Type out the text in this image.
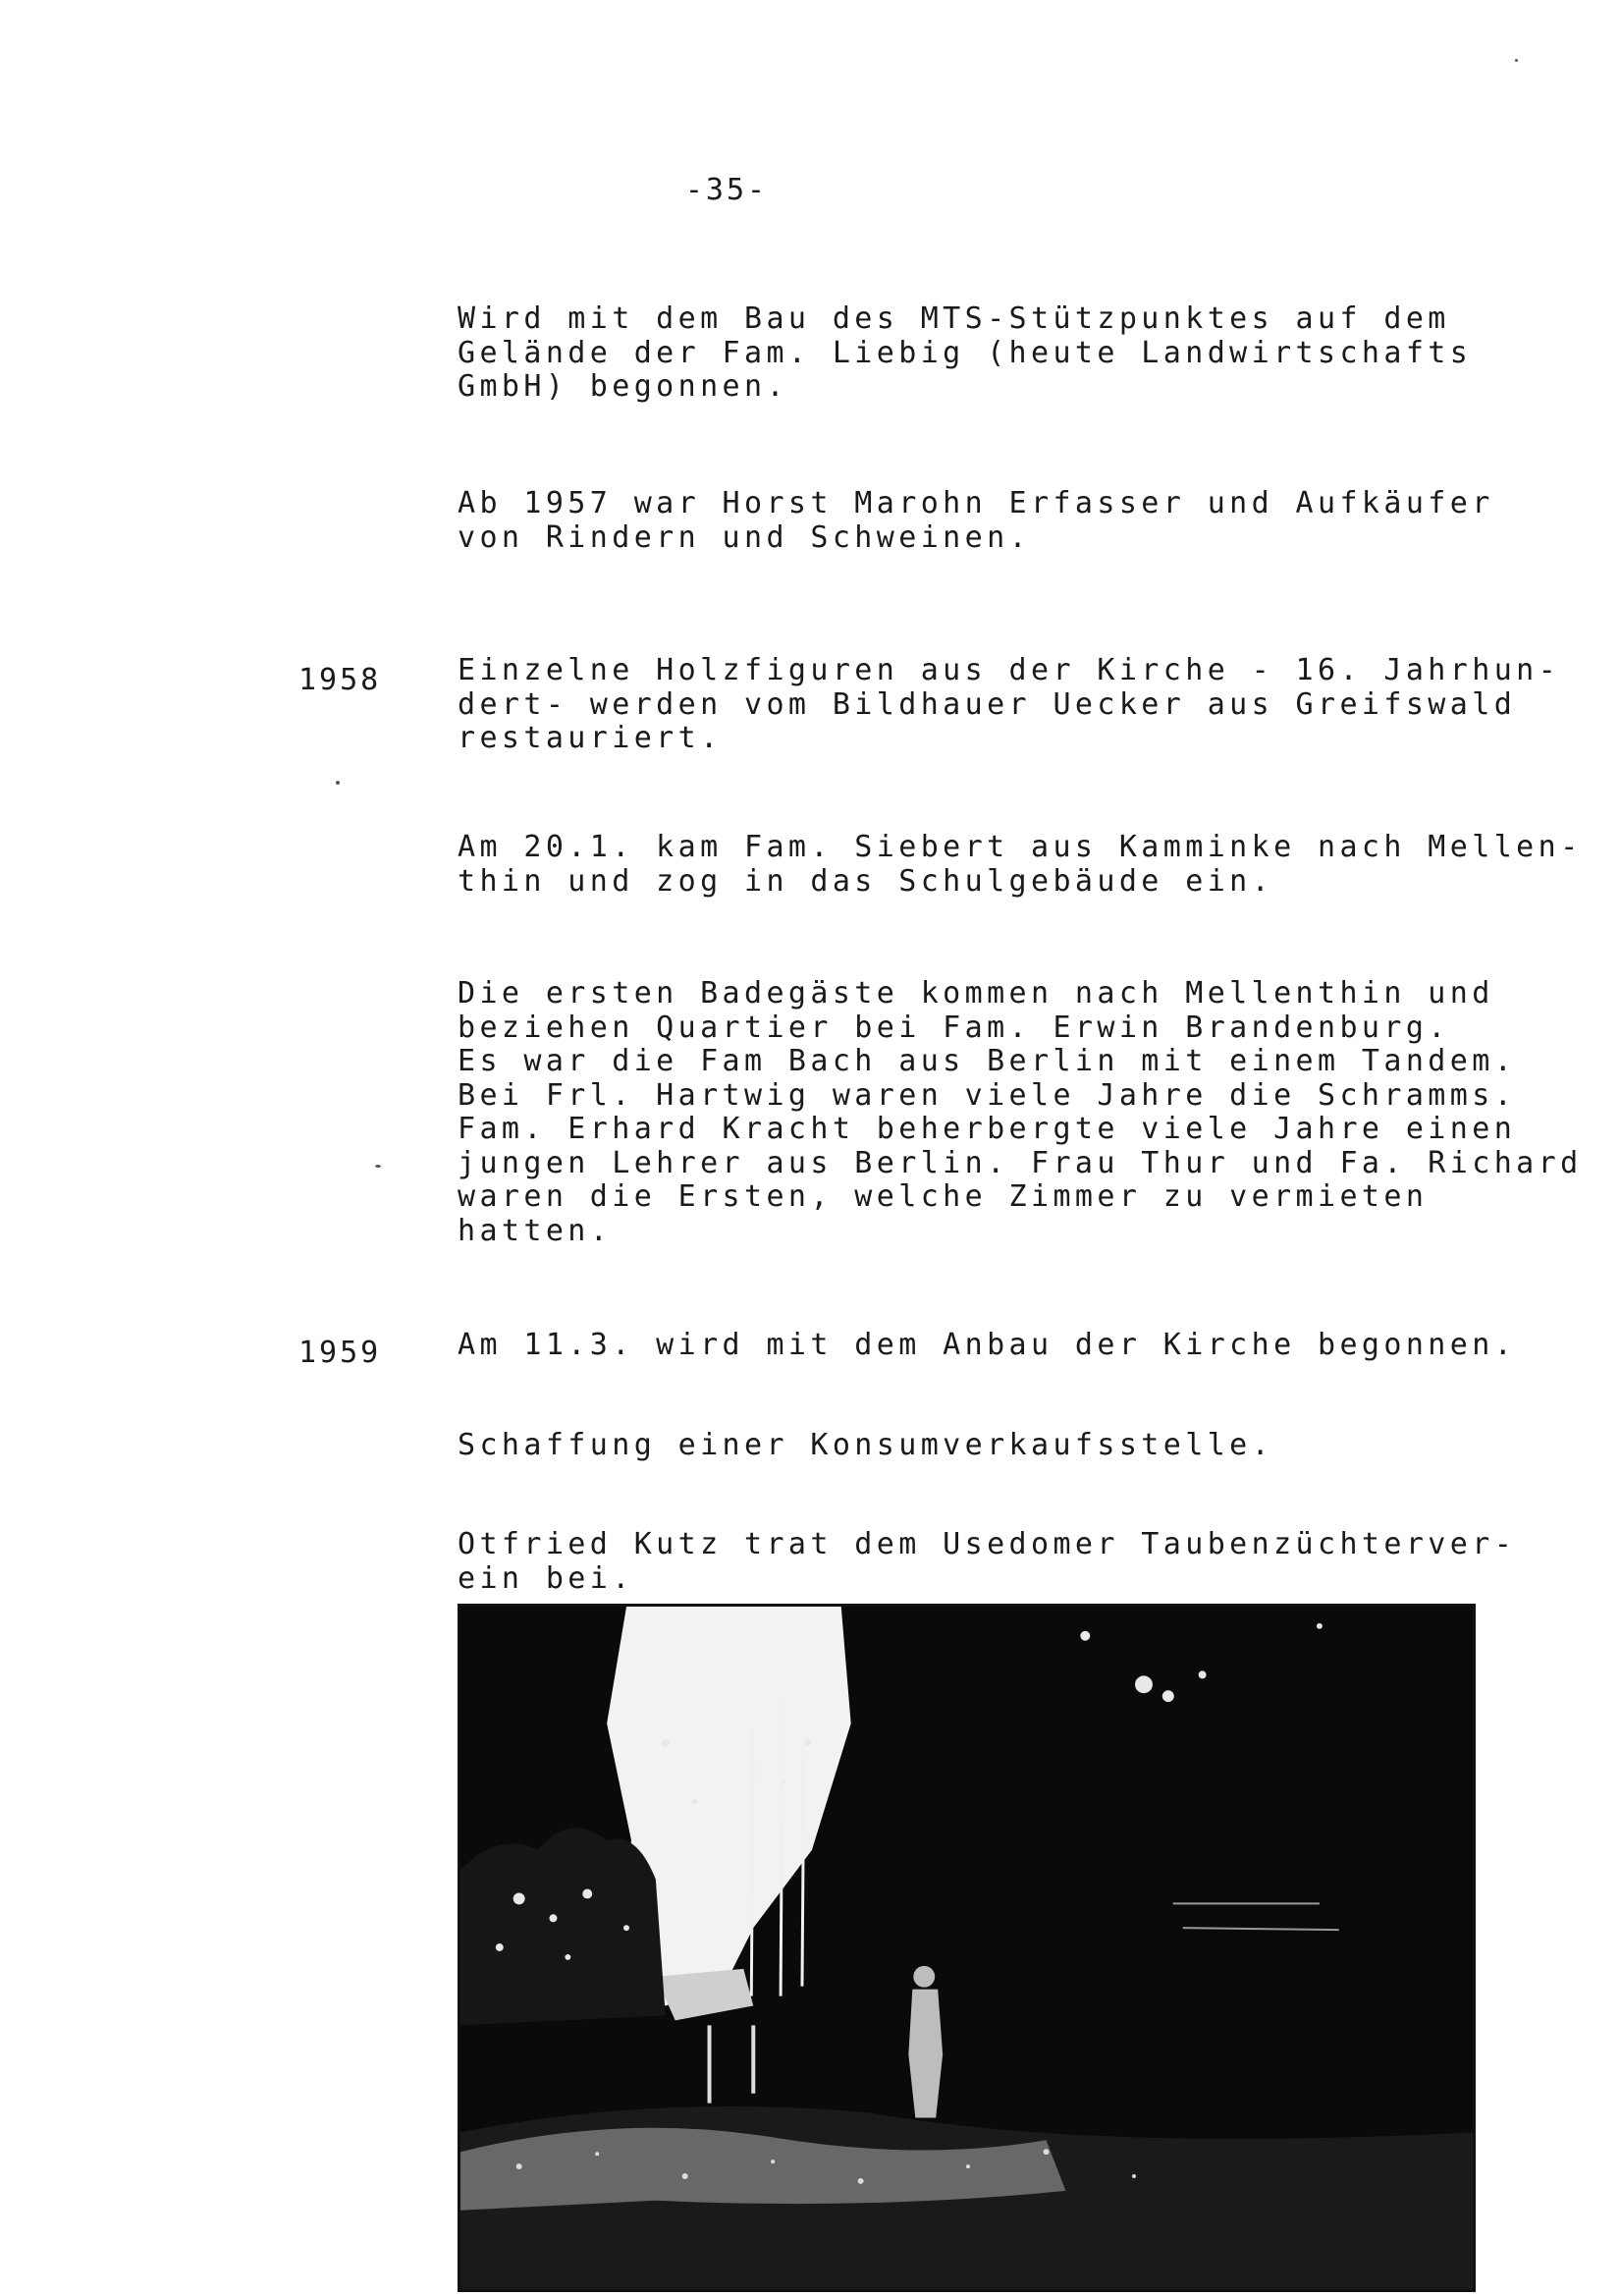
-35-
Wird mit dem Bau des MTS-Stützpunktes auf dem
Gelände der Fam. Liebig (heute Landwirtschafts
GmbH) begonnen.
Ab 1957 war Horst Marohn Erfasser und Aufkäufer
von Rindern und Schweinen.
1958	Einzelne Holzfiguren aus der Kirche - 16. Jahrhun-
dert- werden vom Bildhauer Uecker aus Greifswald
restauriert.
Am 20.1. kam Fam. Siebert aus Kamminke nach Mellen-
thin und zog in das Schulgebäude ein.
Die ersten Badegäste kommen nach Mellenthin und
beziehen Quartier bei Fam. Erwin Brandenburg.
Es war die Fam Bach aus Berlin mit einem Tandem.
Bei Frl. Hartwig waren viele Jahre die Schramms.
Fam. Erhard Kracht beherbergte viele Jahre einen
jungen Lehrer aus Berlin. Frau Thur und Fa. Richard
waren die Ersten, welche Zimmer zu vermieten
hatten.
1959	Am 11.3. wird mit dem Anbau der Kirche begonnen.
Schaffung einer Konsumverkaufsstelle.
Otfried Kutz trat dem Usedomer Taubenzüchterver-
ein bei.
